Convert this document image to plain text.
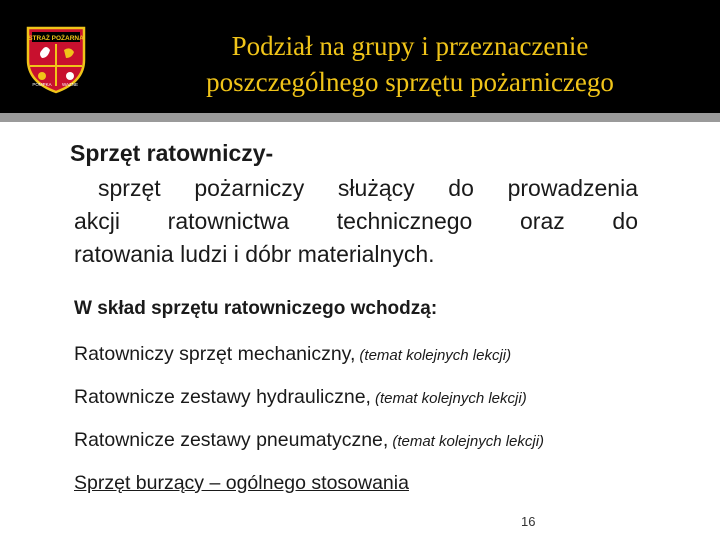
STRAŻ POŻARNA
POMPKA WAZNE
Podział na grupy i przeznaczenie
poszczególnego sprzętu pożarniczego
Sprzęt ratowniczy-
sprzęt pożarniczy służący do prowadzenia
akcji ratownictwa technicznego oraz do
ratowania ludzi i dóbr materialnych.
W skład sprzętu ratowniczego wchodzą:
Ratowniczy sprzęt mechaniczny, (temat kolejnych lekcji)
Ratownicze zestawy hydrauliczne, (temat kolejnych lekcji)
Ratownicze zestawy pneumatyczne, (temat kolejnych lekcji)
Sprzęt burzący – ogólnego stosowania
16
